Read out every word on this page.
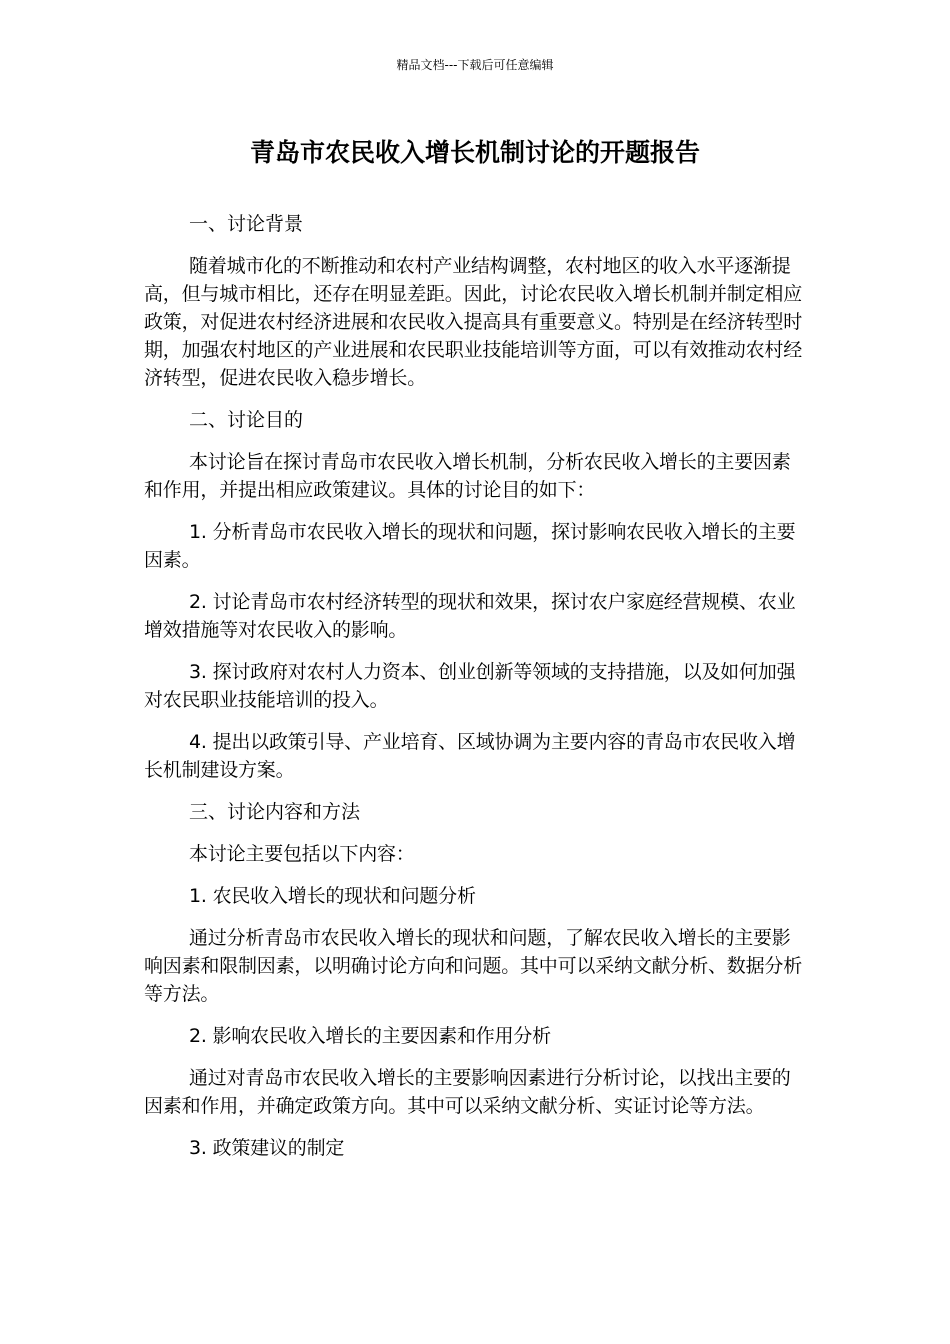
精品文档---下载后可任意编辑
青岛市农民收入增长机制讨论的开题报告

一、讨论背景

随着城市化的不断推动和农村产业结构调整，农村地区的收入水平逐渐提高，但与城市相比，还存在明显差距。因此，讨论农民收入增长机制并制定相应政策，对促进农村经济进展和农民收入提高具有重要意义。特别是在经济转型时期，加强农村地区的产业进展和农民职业技能培训等方面，可以有效推动农村经济转型，促进农民收入稳步增长。

二、讨论目的

本讨论旨在探讨青岛市农民收入增长机制，分析农民收入增长的主要因素和作用，并提出相应政策建议。具体的讨论目的如下：

1. 分析青岛市农民收入增长的现状和问题，探讨影响农民收入增长的主要因素。

2. 讨论青岛市农村经济转型的现状和效果，探讨农户家庭经营规模、农业增效措施等对农民收入的影响。

3. 探讨政府对农村人力资本、创业创新等领域的支持措施，以及如何加强对农民职业技能培训的投入。

4. 提出以政策引导、产业培育、区域协调为主要内容的青岛市农民收入增长机制建设方案。

三、讨论内容和方法

本讨论主要包括以下内容：

1. 农民收入增长的现状和问题分析

通过分析青岛市农民收入增长的现状和问题，了解农民收入增长的主要影响因素和限制因素，以明确讨论方向和问题。其中可以采纳文献分析、数据分析等方法。

2. 影响农民收入增长的主要因素和作用分析

通过对青岛市农民收入增长的主要影响因素进行分析讨论，以找出主要的因素和作用，并确定政策方向。其中可以采纳文献分析、实证讨论等方法。

3. 政策建议的制定
